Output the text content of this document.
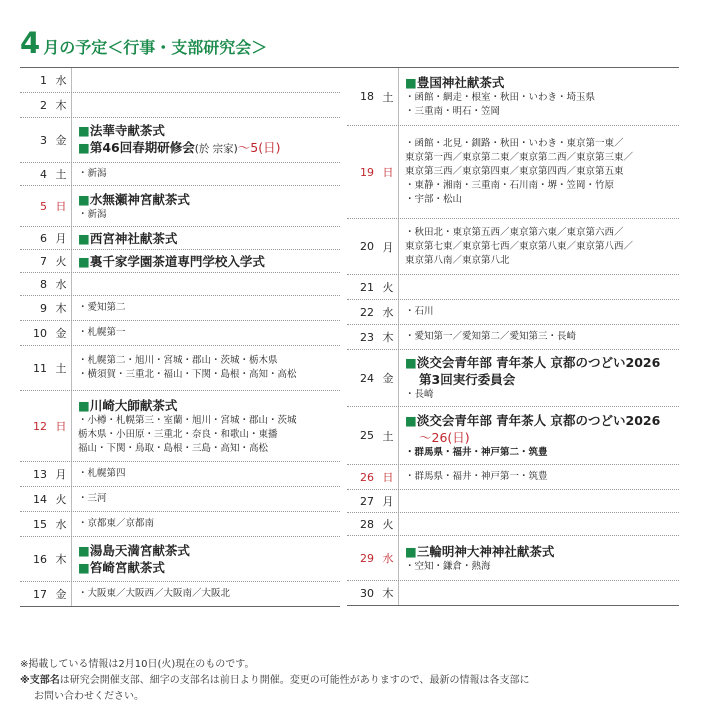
4 月の予定＜行事・支部研究会＞
1 水
2 木
3 金
■法華寺献茶式
■第46回春期研修会(於 宗家)～5(日)
4 土	・新潟
5 日 ■水無瀬神宮献茶式
・新潟
6 月 ■西宮神社献茶式
7 火 ■裏千家学園茶道専門学校入学式
8 水
9 木	・愛知第二
10 金	・札幌第一
11 土
・札幌第二・旭川・宮城・郡山・茨城・栃木県
・横須賀・三重北・福山・下関・島根・高知・高松
12 日
■川崎大師献茶式
・小樽・札幌第三・室蘭・旭川・宮城・郡山・茨城
栃木県・小田原・三重北・奈良・和歌山・東播
福山・下関・鳥取・島根・三島・高知・高松
13 月	・札幌第四
14 火	・三河
15 水	・京都東／京都南
16 木
■湯島天満宮献茶式
■笞崎宮献茶式
17 金	・大阪東／大阪西／大阪南／大阪北
18 土
■豊国神社献茶式
・函館・網走・根室・秋田・いわき・埼玉県
・三重南・明石・笠岡
19 日
・函館・北見・釧路・秋田・いわき・東京第一東／
東京第一西／東京第二東／東京第二西／東京第三東／
東京第三西／東京第四東／東京第四西／東京第五東
・東静・湘南・三重南・石川南・堺・笠岡・竹原
・宇部・松山
20 月
・秋田北・東京第五西／東京第六東／東京第六西／
東京第七東／東京第七西／東京第八東／東京第八西／
東京第八南／東京第八北
21 火
22 水	・石川
23 木	・愛知第一／愛知第二／愛知第三・長崎
24 金
■淡交会青年部 青年茶人 京都のつどい2026
第3回実行委員会
・長崎
25 土
■淡交会青年部 青年茶人 京都のつどい2026
～26(日)
・群馬県・福井・神戸第二・筑豊
26 日	・群馬県・福井・神戸第一・筑豊
27 月
28 火
29 水 ■三輪明神大神神社献茶式
・空知・鎌倉・熱海
30 木
※掲載している情報は2月10日(火)現在のものです。
※支部名は研究会開催支部、細字の支部名は前日より開催。変更の可能性がありますので、最新の情報は各支部に
お問い合わせください。
